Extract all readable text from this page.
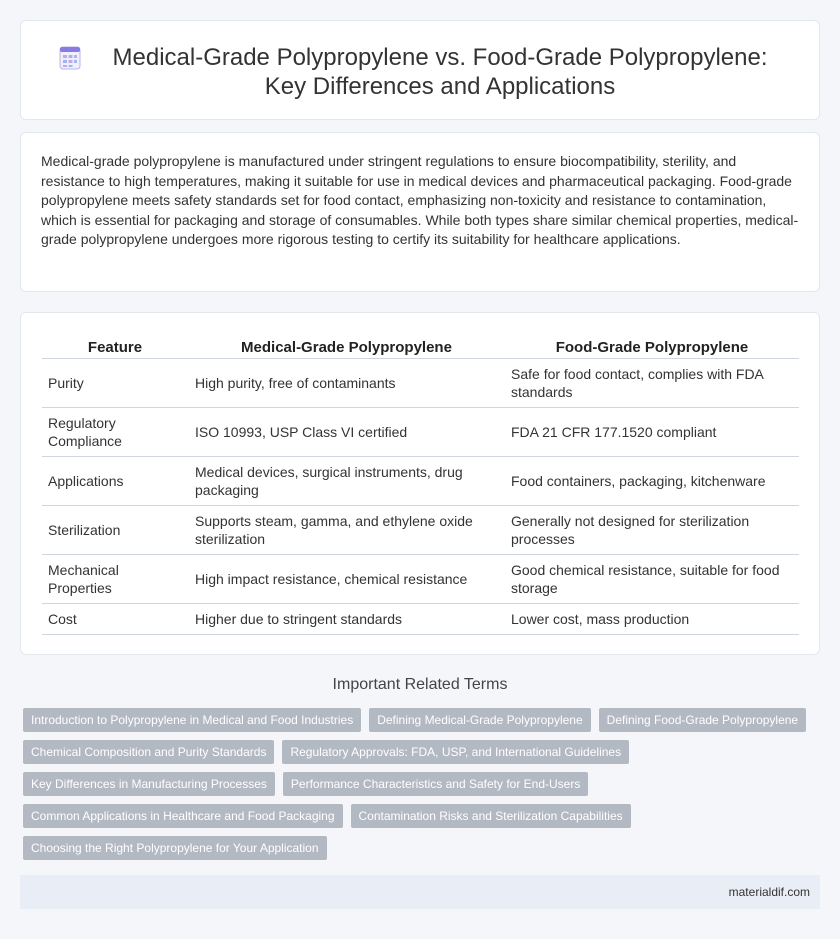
Medical-Grade Polypropylene vs. Food-Grade Polypropylene: Key Differences and Applications

Medical-grade polypropylene is manufactured under stringent regulations to ensure biocompatibility, sterility, and resistance to high temperatures, making it suitable for use in medical devices and pharmaceutical packaging. Food-grade polypropylene meets safety standards set for food contact, emphasizing non-toxicity and resistance to contamination, which is essential for packaging and storage of consumables. While both types share similar chemical properties, medical-grade polypropylene undergoes more rigorous testing to certify its suitability for healthcare applications.

Feature	Medical-Grade Polypropylene	Food-Grade Polypropylene
Purity	High purity, free of contaminants	Safe for food contact, complies with FDA standards
Regulatory Compliance	ISO 10993, USP Class VI certified	FDA 21 CFR 177.1520 compliant
Applications	Medical devices, surgical instruments, drug packaging	Food containers, packaging, kitchenware
Sterilization	Supports steam, gamma, and ethylene oxide sterilization	Generally not designed for sterilization processes
Mechanical Properties	High impact resistance, chemical resistance	Good chemical resistance, suitable for food storage
Cost	Higher due to stringent standards	Lower cost, mass production
Important Related Terms
Introduction to Polypropylene in Medical and Food Industries	Defining Medical-Grade Polypropylene	Defining Food-Grade Polypropylene
Chemical Composition and Purity Standards	Regulatory Approvals: FDA, USP, and International Guidelines
Key Differences in Manufacturing Processes	Performance Characteristics and Safety for End-Users
Common Applications in Healthcare and Food Packaging	Contamination Risks and Sterilization Capabilities
Choosing the Right Polypropylene for Your Application
materialdif.com
